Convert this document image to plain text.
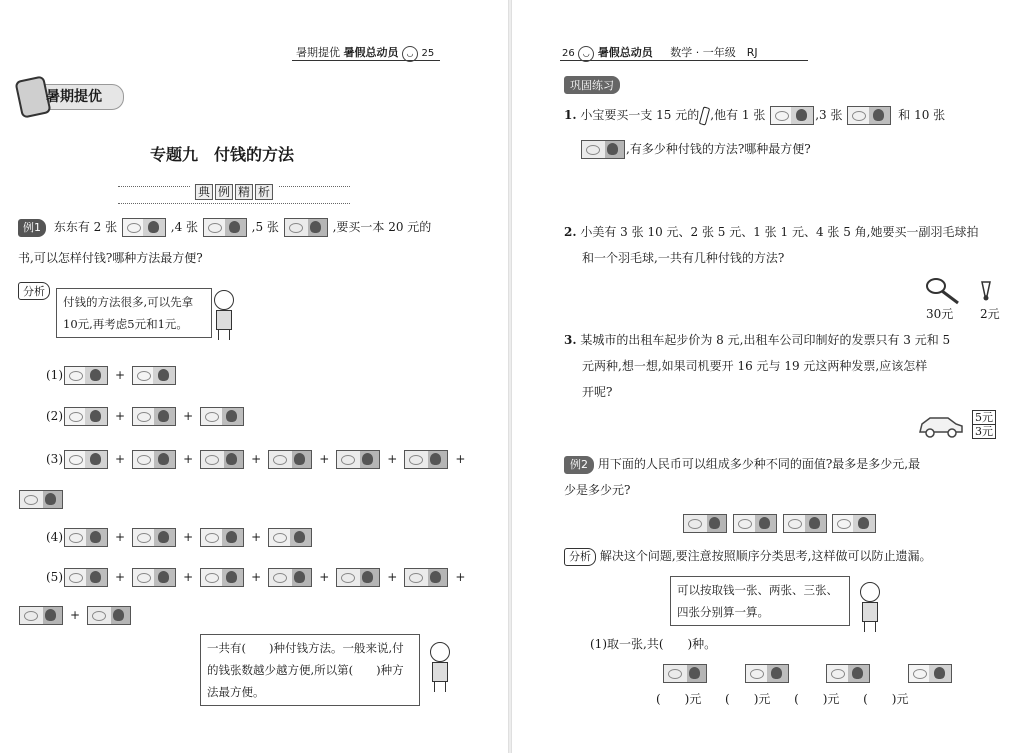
暑期提优 暑假总动员 ◡ 25
暑期提优
专题九　付钱的方法
典 例 精 析
例1 东东有 2 张	,4 张	,5 张	,要买一本 20 元的
书,可以怎样付钱?哪种方法最方便?
分析
付钱的方法很多,可以先拿10元,再考虑5元和1元。
(1)	+
(2)	+	+
(3)	+	+	+	+	+	+
(4)	+	+	+
(5)	+	+	+	+	+	+
+
一共有(　　)种付钱方法。一般来说,付的钱张数越少越方便,所以第(　　)种方法最方便。
26 ◡ 暑假总动员 数学 · 一年级　RJ
巩固练习
1. 小宝要买一支 15 元的 ,他有 1 张	,3 张	和 10 张
,有多少种付钱的方法?哪种最方便?
2. 小美有 3 张 10 元、2 张 5 元、1 张 1 元、4 张 5 角,她要买一副羽毛球拍
和一个羽毛球,一共有几种付钱的方法?
30元 2元
3. 某城市的出租车起步价为 8 元,出租车公司印制好的发票只有 3 元和 5
元两种,想一想,如果司机要开 16 元与 19 元这两种发票,应该怎样
开呢?
5元
3元
例2 用下面的人民币可以组成多少种不同的面值?最多是多少元,最
少是多少元?

分析 解决这个问题,要注意按照顺序分类思考,这样做可以防止遗漏。
可以按取钱一张、两张、三张、四张分别算一算。
(1)取一张,共(　　)种。

(　　)元 (　　)元 (　　)元 (　　)元
